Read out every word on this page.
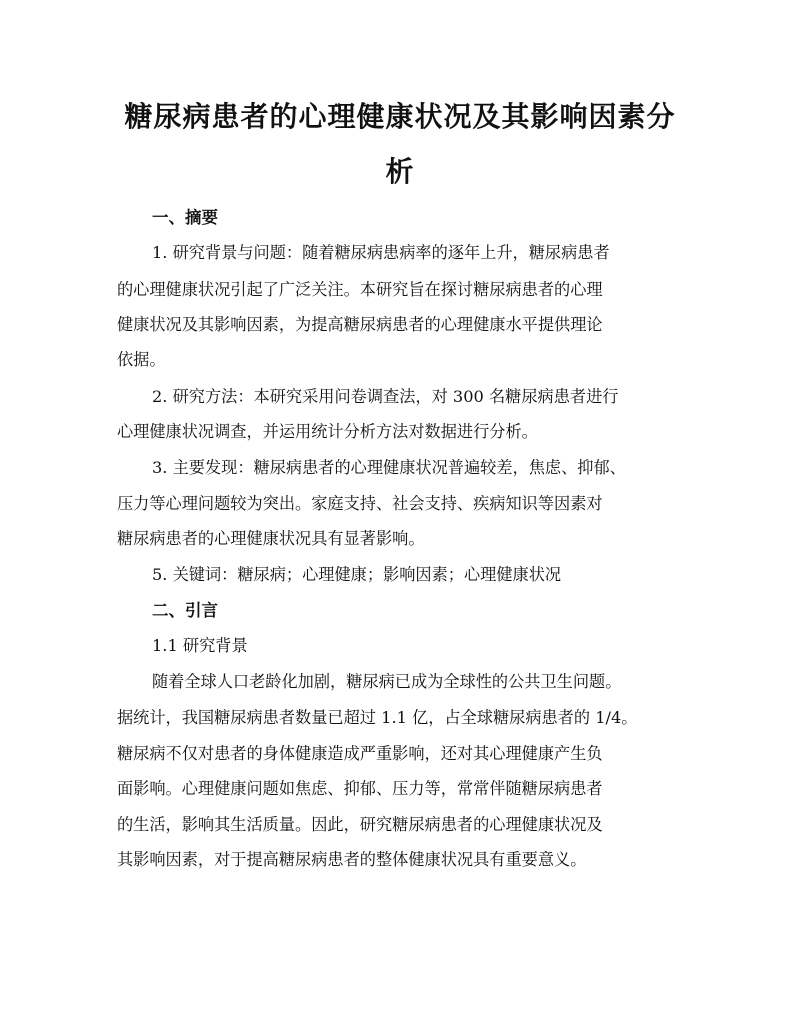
糖尿病患者的心理健康状况及其影响因素分
析
一、摘要
1. 研究背景与问题：随着糖尿病患病率的逐年上升，糖尿病患者
的心理健康状况引起了广泛关注。本研究旨在探讨糖尿病患者的心理
健康状况及其影响因素，为提高糖尿病患者的心理健康水平提供理论
依据。
2. 研究方法：本研究采用问卷调查法，对 300 名糖尿病患者进行
心理健康状况调查，并运用统计分析方法对数据进行分析。
3. 主要发现：糖尿病患者的心理健康状况普遍较差，焦虑、抑郁、
压力等心理问题较为突出。家庭支持、社会支持、疾病知识等因素对
糖尿病患者的心理健康状况具有显著影响。
5. 关键词：糖尿病；心理健康；影响因素；心理健康状况
二、引言
1.1 研究背景
随着全球人口老龄化加剧，糖尿病已成为全球性的公共卫生问题。
据统计，我国糖尿病患者数量已超过 1.1 亿，占全球糖尿病患者的 1/4。
糖尿病不仅对患者的身体健康造成严重影响，还对其心理健康产生负
面影响。心理健康问题如焦虑、抑郁、压力等，常常伴随糖尿病患者
的生活，影响其生活质量。因此，研究糖尿病患者的心理健康状况及
其影响因素，对于提高糖尿病患者的整体健康状况具有重要意义。
